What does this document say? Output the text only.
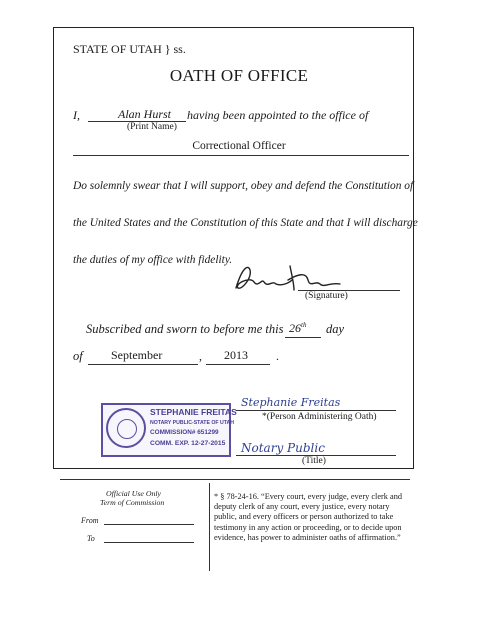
STATE OF UTAH } ss.
OATH OF OFFICE
I,	Alan Hurst having been appointed to the office of
(Print Name)
Correctional Officer
Do solemnly swear that I will support, obey and defend the Constitution of
the United States and the Constitution of this State and that I will discharge
the duties of my office with fidelity.
(Signature)
Subscribed and sworn to before me this 26th day
of September	, 2013 .
STEPHANIE FREITAS
NOTARY PUBLIC-STATE OF UTAH
COMMISSION# 651299
COMM. EXP. 12-27-2015
Stephanie Freitas
*(Person Administering Oath)
Notary Public
(Title)
Official Use Only
Term of Commission
From
To
* § 78-24-16. “Every court, every judge, every clerk and deputy clerk of any court, every justice, every notary public, and every officers or person authorized to take testimony in any action or proceeding, or to decide upon evidence, has power to administer oaths of affirmation.”
